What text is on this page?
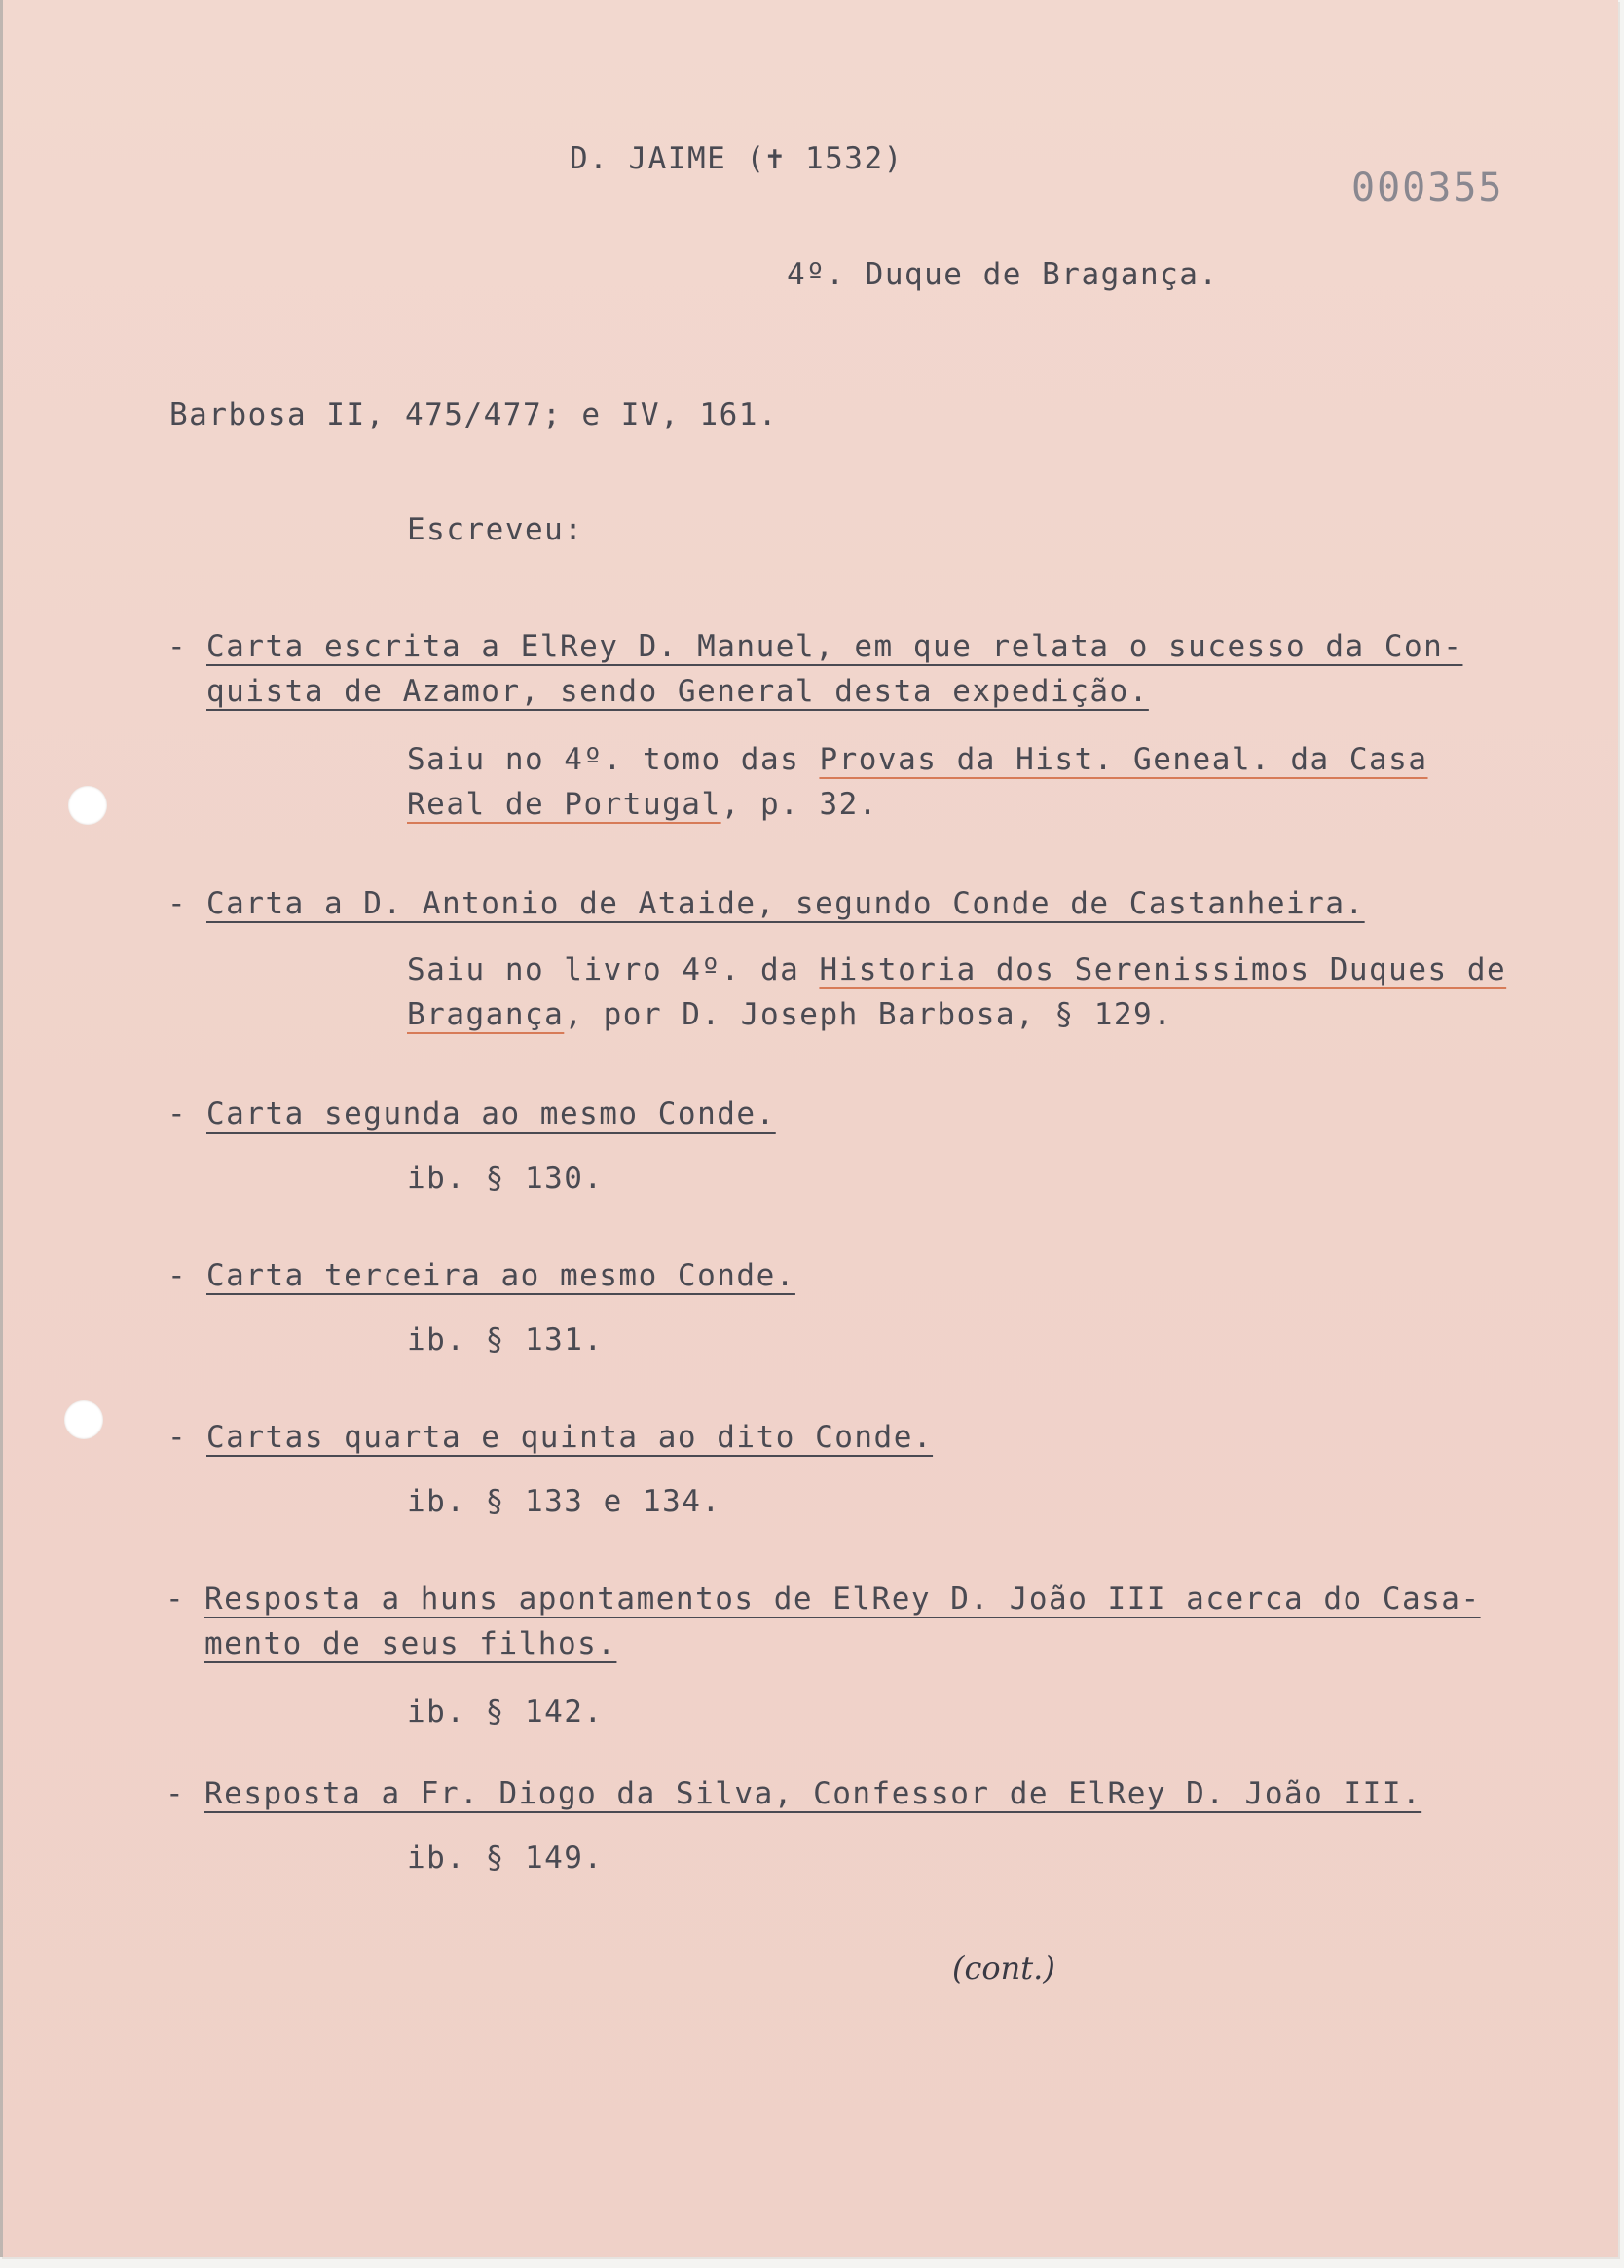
D. JAIME (✝ 1532)
000355
4º. Duque de Bragança.
Barbosa II, 475/477; e IV, 161.
Escreveu:
- Carta escrita a ElRey D. Manuel, em que relata o sucesso da Con-
quista de Azamor, sendo General desta expedição.
Saiu no 4º. tomo das Provas da Hist. Geneal. da Casa
Real de Portugal, p. 32.
- Carta a D. Antonio de Ataide, segundo Conde de Castanheira.
Saiu no livro 4º. da Historia dos Serenissimos Duques de
Bragança, por D. Joseph Barbosa, § 129.
- Carta segunda ao mesmo Conde.
ib. § 130.
- Carta terceira ao mesmo Conde.
ib. § 131.
- Cartas quarta e quinta ao dito Conde.
ib. § 133 e 134.
- Resposta a huns apontamentos de ElRey D. João III acerca do Casa-
mento de seus filhos.
ib. § 142.
- Resposta a Fr. Diogo da Silva, Confessor de ElRey D. João III.
ib. § 149.
(cont.)
